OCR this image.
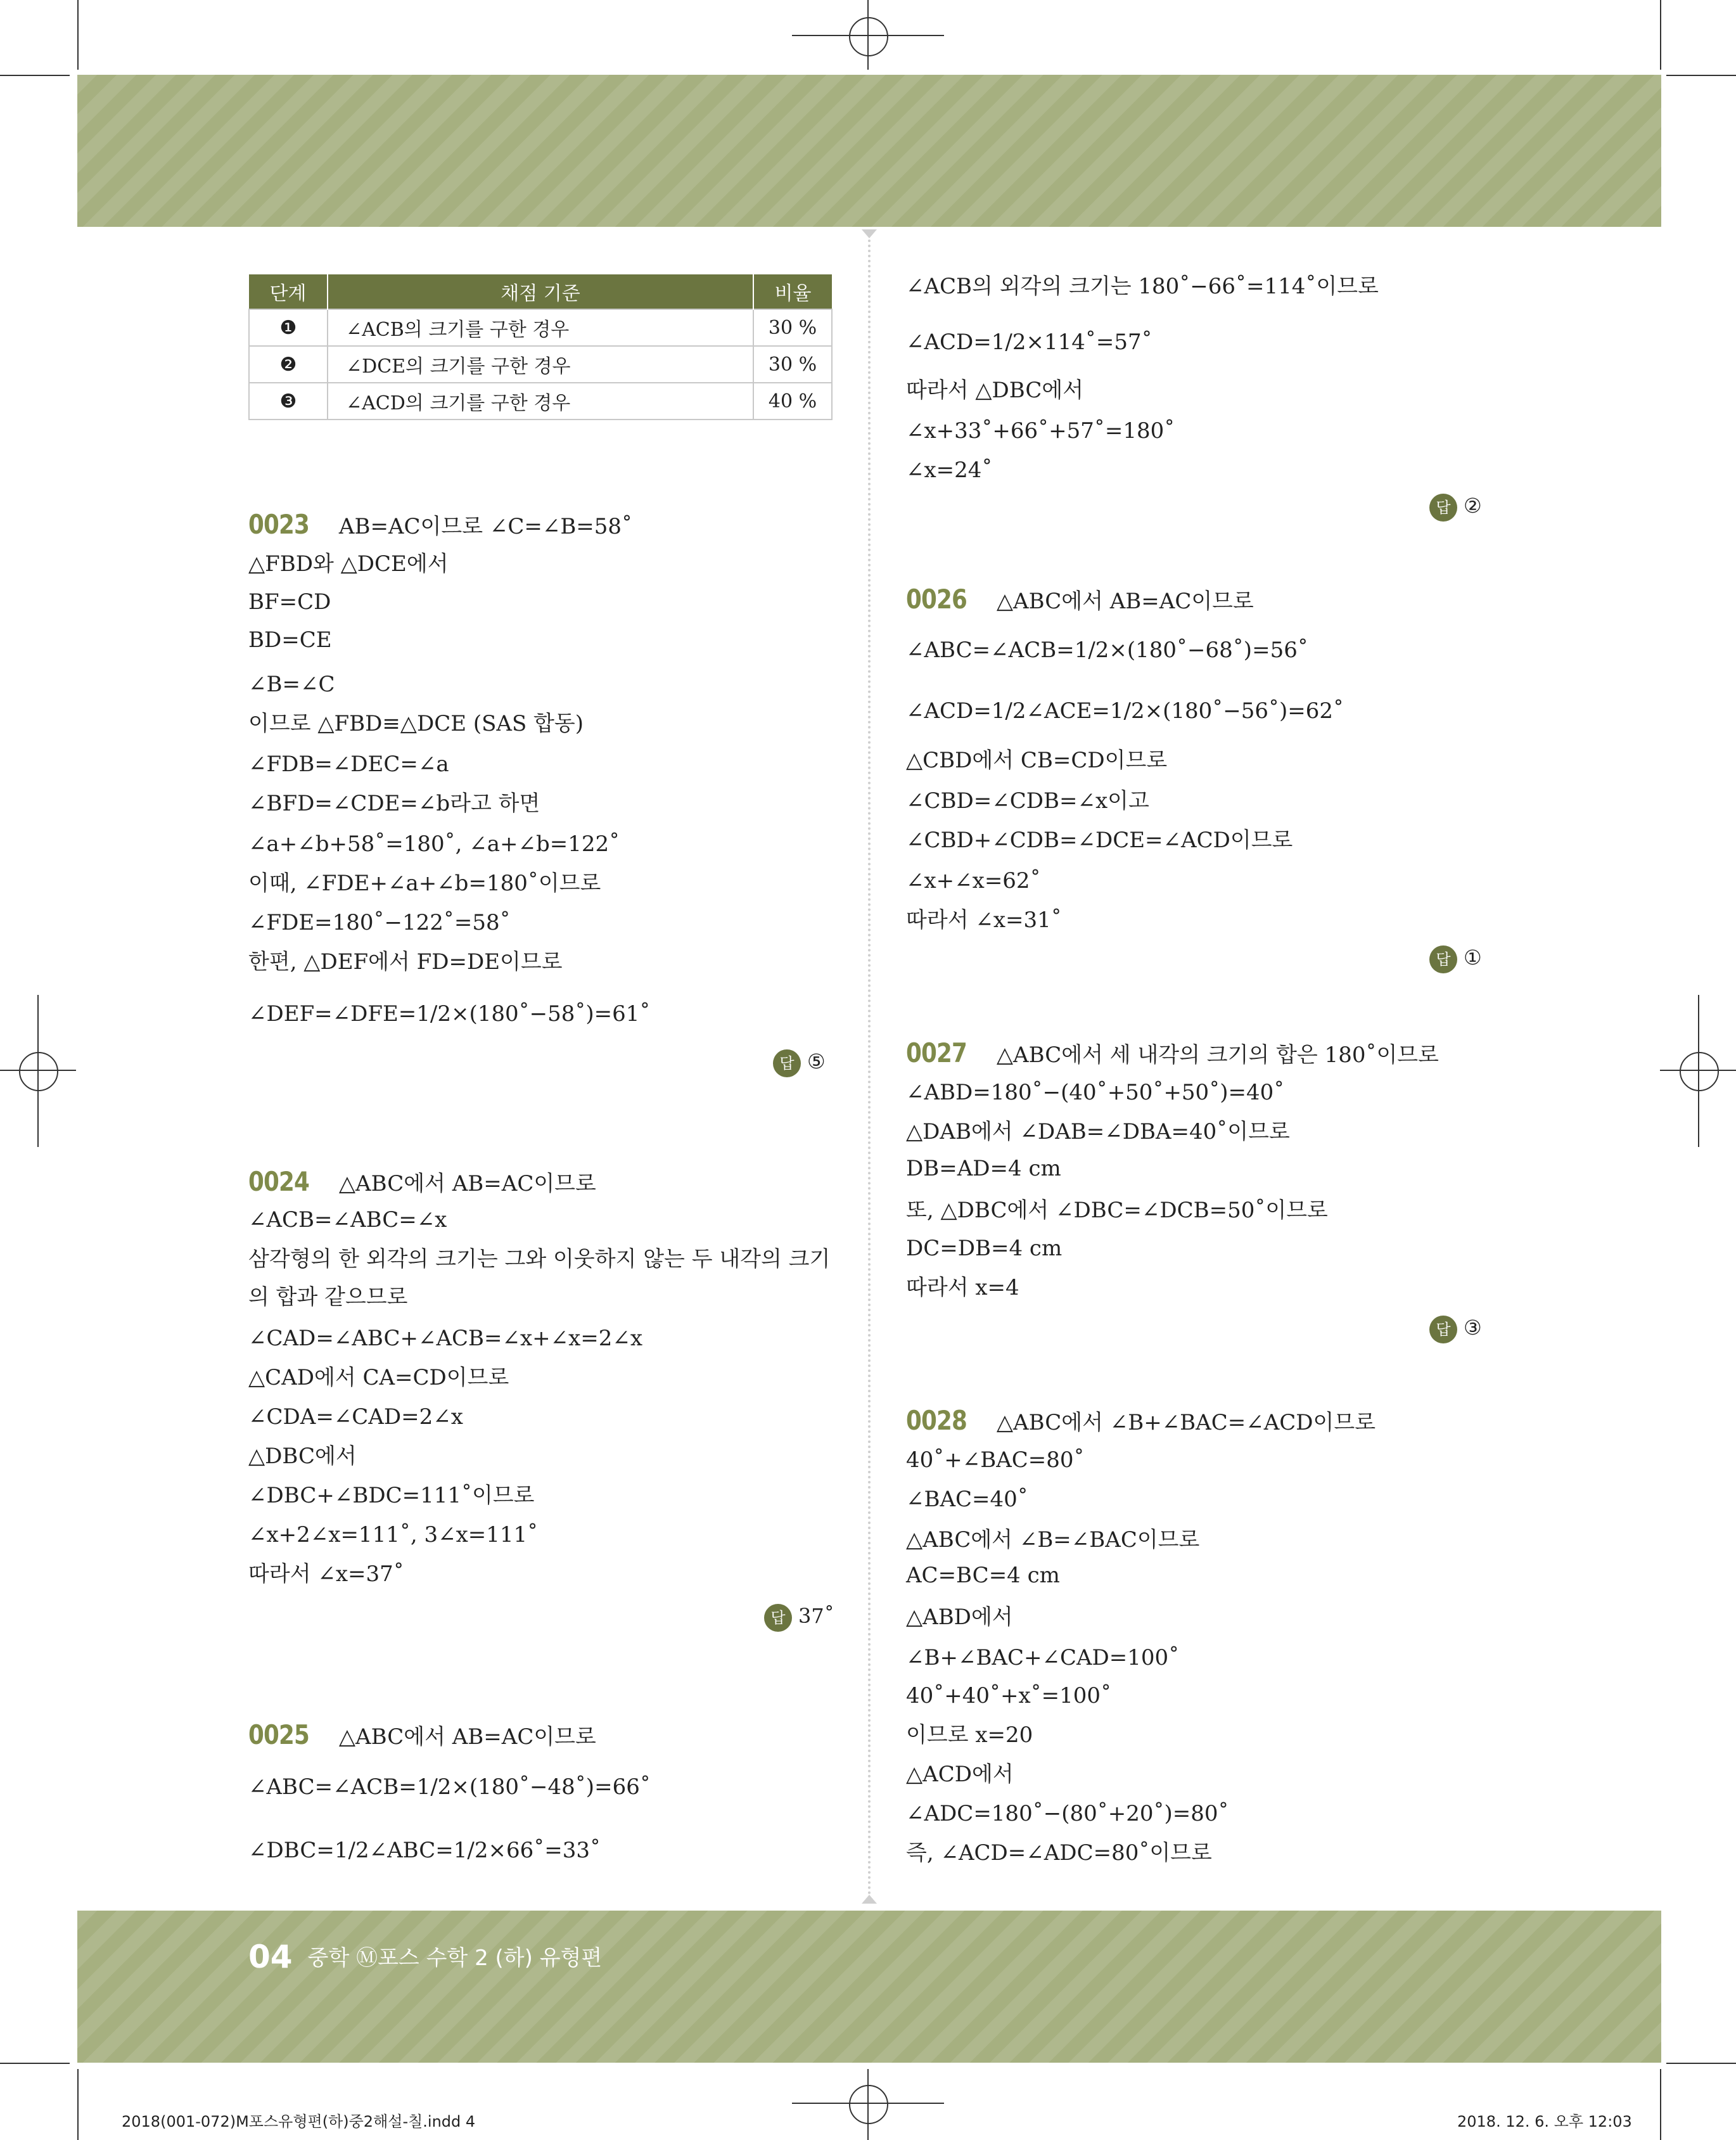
단계	채점 기준	비율
❶	∠ACB의 크기를 구한 경우	30 %
❷	∠DCE의 크기를 구한 경우	30 %
❸	∠ACD의 크기를 구한 경우	40 %
0023 AB=AC이므로 ∠C=∠B=58˚
△FBD와 △DCE에서
BF=CD
BD=CE
∠B=∠C
이므로 △FBD≡△DCE (SAS 합동)
∠FDB=∠DEC=∠a
∠BFD=∠CDE=∠b라고 하면
∠a+∠b+58˚=180˚, ∠a+∠b=122˚
이때, ∠FDE+∠a+∠b=180˚이므로
∠FDE=180˚−122˚=58˚
한편, △DEF에서 FD=DE이므로
∠DEF=∠DFE=1/2×(180˚−58˚)=61˚
0024 △ABC에서 AB=AC이므로
∠ACB=∠ABC=∠x
삼각형의 한 외각의 크기는 그와 이웃하지 않는 두 내각의 크기
의 합과 같으므로
∠CAD=∠ABC+∠ACB=∠x+∠x=2∠x
△CAD에서 CA=CD이므로
∠CDA=∠CAD=2∠x
△DBC에서
∠DBC+∠BDC=111˚이므로
∠x+2∠x=111˚, 3∠x=111˚
따라서 ∠x=37˚
0025 △ABC에서 AB=AC이므로
∠ABC=∠ACB=1/2×(180˚−48˚)=66˚
∠DBC=1/2∠ABC=1/2×66˚=33˚
∠ACB의 외각의 크기는 180˚−66˚=114˚이므로
∠ACD=1/2×114˚=57˚
따라서 △DBC에서
∠x+33˚+66˚+57˚=180˚
∠x=24˚
0026 △ABC에서 AB=AC이므로
∠ABC=∠ACB=1/2×(180˚−68˚)=56˚
∠ACD=1/2∠ACE=1/2×(180˚−56˚)=62˚
△CBD에서 CB=CD이므로
∠CBD=∠CDB=∠x이고
∠CBD+∠CDB=∠DCE=∠ACD이므로
∠x+∠x=62˚
따라서 ∠x=31˚
0027 △ABC에서 세 내각의 크기의 합은 180˚이므로
∠ABD=180˚−(40˚+50˚+50˚)=40˚
△DAB에서 ∠DAB=∠DBA=40˚이므로
DB=AD=4 cm
또, △DBC에서 ∠DBC=∠DCB=50˚이므로
DC=DB=4 cm
따라서 x=4
0028 △ABC에서 ∠B+∠BAC=∠ACD이므로
40˚+∠BAC=80˚
∠BAC=40˚
△ABC에서 ∠B=∠BAC이므로
AC=BC=4 cm
△ABD에서
∠B+∠BAC+∠CAD=100˚
40˚+40˚+x˚=100˚
이므로 x=20
△ACD에서
∠ADC=180˚−(80˚+20˚)=80˚
즉, ∠ACD=∠ADC=80˚이므로
답 ⑤
답 37˚
답 ②
답 ①
답 ③
04 중학 Ⓜ포스 수학 2 (하) 유형편
2018(001-072)M포스유형편(하)중2해설-칠.indd 4	2018. 12. 6. 오후 12:03
